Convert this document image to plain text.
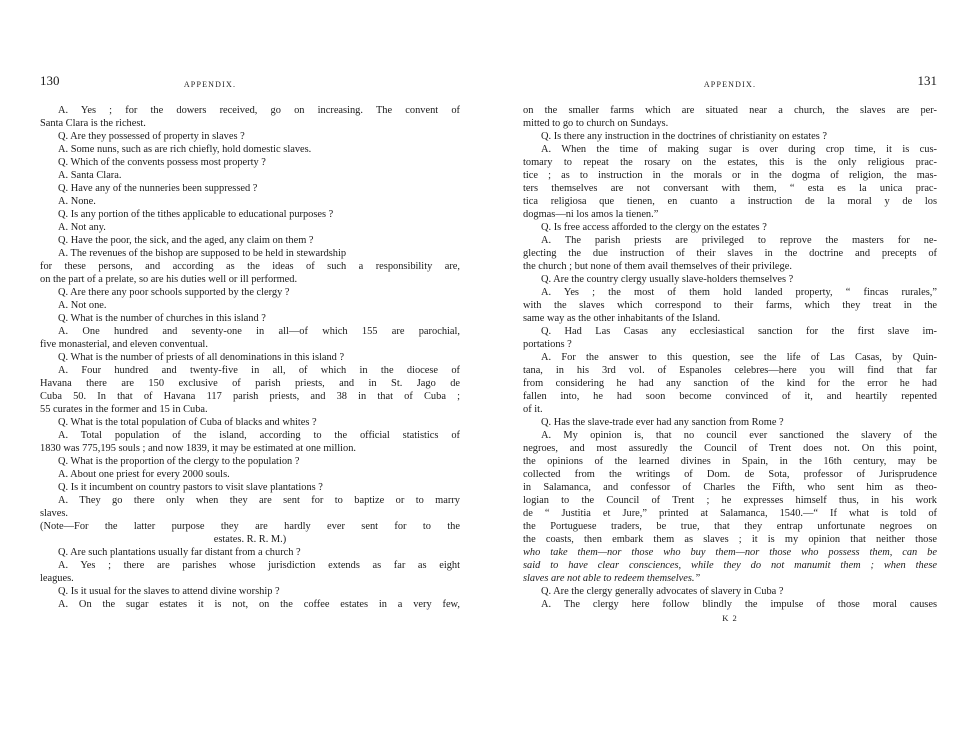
130	APPENDIX.
A. Yes ; for the dowers received, go on increasing. The convent of
Santa Clara is the richest.
Q. Are they possessed of property in slaves ?
A. Some nuns, such as are rich chiefly, hold domestic slaves.
Q. Which of the convents possess most property ?
A. Santa Clara.
Q. Have any of the nunneries been suppressed ?
A. None.
Q. Is any portion of the tithes applicable to educational purposes ?
A. Not any.
Q. Have the poor, the sick, and the aged, any claim on them ?
A. The revenues of the bishop are supposed to be held in stewardship
for these persons, and according as the ideas of such a responsibility are,
on the part of a prelate, so are his duties well or ill performed.
Q. Are there any poor schools supported by the clergy ?
A. Not one.
Q. What is the number of churches in this island ?
A. One hundred and seventy-one in all—of which 155 are parochial,
five monasterial, and eleven conventual.
Q. What is the number of priests of all denominations in this island ?
A. Four hundred and twenty-five in all, of which in the diocese of
Havana there are 150 exclusive of parish priests, and in St. Jago de
Cuba 50. In that of Havana 117 parish priests, and 38 in that of Cuba ;
55 curates in the former and 15 in Cuba.
Q. What is the total population of Cuba of blacks and whites ?
A. Total population of the island, according to the official statistics of
1830 was 775,195 souls ; and now 1839, it may be estimated at one million.
Q. What is the proportion of the clergy to the population ?
A. About one priest for every 2000 souls.
Q. Is it incumbent on country pastors to visit slave plantations ?
A. They go there only when they are sent for to baptize or to marry
slaves.
(Note—For the latter purpose they are hardly ever sent for to the
estates. R. R. M.)
Q. Are such plantations usually far distant from a church ?
A. Yes ; there are parishes whose jurisdiction extends as far as eight
leagues.
Q. Is it usual for the slaves to attend divine worship ?
A. On the sugar estates it is not, on the coffee estates in a very few,
APPENDIX.	131
on the smaller farms which are situated near a church, the slaves are per-
mitted to go to church on Sundays.
Q. Is there any instruction in the doctrines of christianity on estates ?
A. When the time of making sugar is over during crop time, it is cus-
tomary to repeat the rosary on the estates, this is the only religious prac-
tice ; as to instruction in the morals or in the dogma of religion, the mas-
ters themselves are not conversant with them, “ esta es la unica prac-
tica religiosa que tienen, en cuanto a instruction de la moral y de los
dogmas—ni los amos la tienen.”
Q. Is free access afforded to the clergy on the estates ?
A. The parish priests are privileged to reprove the masters for ne-
glecting the due instruction of their slaves in the doctrine and precepts of
the church ; but none of them avail themselves of their privilege.
Q. Are the country clergy usually slave-holders themselves ?
A. Yes ; the most of them hold landed property, “ fincas rurales,”
with the slaves which correspond to their farms, which they treat in the
same way as the other inhabitants of the Island.
Q. Had Las Casas any ecclesiastical sanction for the first slave im-
portations ?
A. For the answer to this question, see the life of Las Casas, by Quin-
tana, in his 3rd vol. of Espanoles celebres—here you will find that far
from considering he had any sanction of the kind for the error he had
fallen into, he had soon become convinced of it, and heartily repented
of it.
Q. Has the slave-trade ever had any sanction from Rome ?
A. My opinion is, that no council ever sanctioned the slavery of the
negroes, and most assuredly the Council of Trent does not. On this point,
the opinions of the learned divines in Spain, in the 16th century, may be
collected from the writings of Dom. de Sota, professor of Jurisprudence
in Salamanca, and confessor of Charles the Fifth, who sent him as theo-
logian to the Council of Trent ; he expresses himself thus, in his work
de “ Justitia et Jure,” printed at Salamanca, 1540.—“ If what is told of
the Portuguese traders, be true, that they entrap unfortunate negroes on
the coasts, then embark them as slaves ; it is my opinion that neither those
who take them—nor those who buy them—nor those who possess them, can be
said to have clear consciences, while they do not manumit them ; when these
slaves are not able to redeem themselves.”
Q. Are the clergy generally advocates of slavery in Cuba ?
A. The clergy here follow blindly the impulse of those moral causes
K 2
